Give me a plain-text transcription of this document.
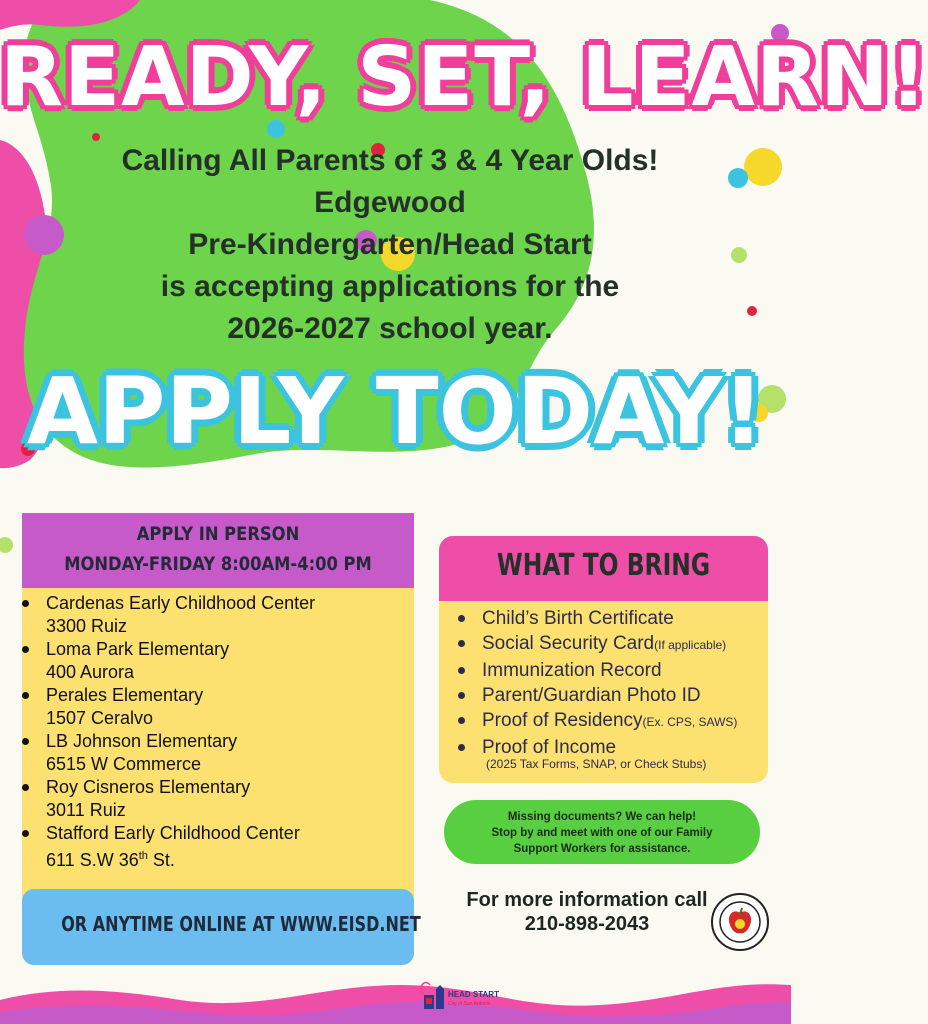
READY, SET, LEARN!
Calling All Parents of 3 & 4 Year Olds!
Edgewood
Pre-Kindergarten/Head Start
is accepting applications for the
2026-2027 school year.
APPLY TODAY!
APPLY IN PERSON
MONDAY-FRIDAY 8:00AM-4:00 PM
Cardenas Early Childhood Center
3300 Ruiz
Loma Park Elementary
400 Aurora
Perales Elementary
1507 Ceralvo
LB Johnson Elementary
6515 W Commerce
Roy Cisneros Elementary
3011 Ruiz
Stafford Early Childhood Center
611 S.W 36th St.
OR ANYTIME ONLINE AT WWW.EISD.NET
WHAT TO BRING
Child’s Birth Certificate
Social Security Card(If applicable)
Immunization Record
Parent/Guardian Photo ID
Proof of Residency(Ex. CPS, SAWS)
Proof of Income
(2025 Tax Forms, SNAP, or Check Stubs)
Missing documents? We can help!
Stop by and meet with one of our Family
Support Workers for assistance.
For more information call
210-898-2043
HEAD START
City of San Antonio
